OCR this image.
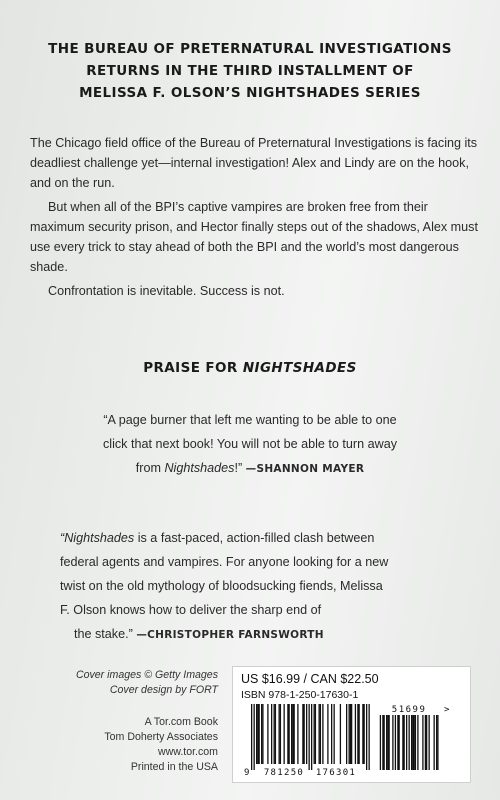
THE BUREAU OF PRETERNATURAL INVESTIGATIONS
RETURNS IN THE THIRD INSTALLMENT OF
MELISSA F. OLSON’S NIGHTSHADES SERIES

The Chicago field office of the Bureau of Preternatural Investigations is facing its deadliest challenge yet—internal investigation! Alex and Lindy are on the hook, and on the run.

But when all of the BPI’s captive vampires are broken free from their maximum security prison, and Hector finally steps out of the shadows, Alex must use every trick to stay ahead of both the BPI and the world’s most dangerous shade.

Confrontation is inevitable. Success is not.

PRAISE FOR NIGHTSHADES
“A page burner that left me wanting to be able to one
click that next book! You will not be able to turn away
from Nightshades!” —SHANNON MAYER
“Nightshades is a fast-paced, action-filled clash between
federal agents and vampires. For anyone looking for a new
twist on the old mythology of bloodsucking fiends, Melissa
F. Olson knows how to deliver the sharp end of
the stake.” —CHRISTOPHER FARNSWORTH
Cover images © Getty Images
Cover design by FORT
A Tor.com Book
Tom Doherty Associates
www.tor.com
Printed in the USA
US $16.99 / CAN $22.50
ISBN 978-1-250-17630-1
9 781250 176301
51699 >
